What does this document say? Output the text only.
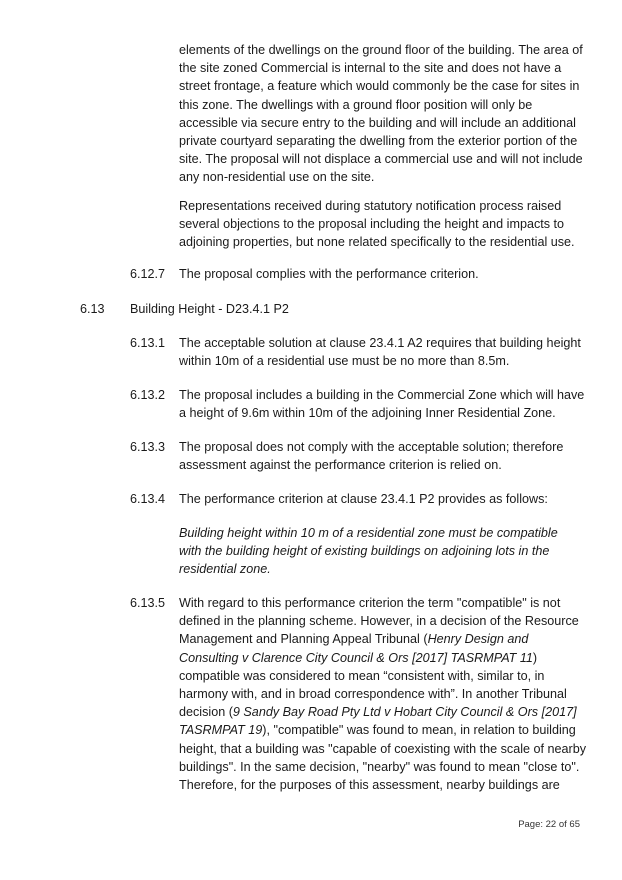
elements of the dwellings on the ground floor of the building. The area of
the site zoned Commercial is internal to the site and does not have a
street frontage, a feature which would commonly be the case for sites in
this zone. The dwellings with a ground floor position will only be
accessible via secure entry to the building and will include an additional
private courtyard separating the dwelling from the exterior portion of the
site. The proposal will not displace a commercial use and will not include
any non-residential use on the site.
Representations received during statutory notification process raised
several objections to the proposal including the height and impacts to
adjoining properties, but none related specifically to the residential use.
6.12.7 The proposal complies with the performance criterion.
6.13 Building Height - D23.4.1 P2
6.13.1 The acceptable solution at clause 23.4.1 A2 requires that building height
within 10m of a residential use must be no more than 8.5m.
6.13.2 The proposal includes a building in the Commercial Zone which will have
a height of 9.6m within 10m of the adjoining Inner Residential Zone.
6.13.3 The proposal does not comply with the acceptable solution; therefore
assessment against the performance criterion is relied on.
6.13.4 The performance criterion at clause 23.4.1 P2 provides as follows:
Building height within 10 m of a residential zone must be compatible
with the building height of existing buildings on adjoining lots in the
residential zone.
6.13.5 With regard to this performance criterion the term "compatible" is not
defined in the planning scheme. However, in a decision of the Resource
Management and Planning Appeal Tribunal (Henry Design and
Consulting v Clarence City Council & Ors [2017] TASRMPAT 11)
compatible was considered to mean “consistent with, similar to, in
harmony with, and in broad correspondence with”. In another Tribunal
decision (9 Sandy Bay Road Pty Ltd v Hobart City Council & Ors [2017]
TASRMPAT 19), "compatible" was found to mean, in relation to building
height, that a building was "capable of coexisting with the scale of nearby
buildings". In the same decision, "nearby" was found to mean "close to".
Therefore, for the purposes of this assessment, nearby buildings are
Page: 22 of 65
